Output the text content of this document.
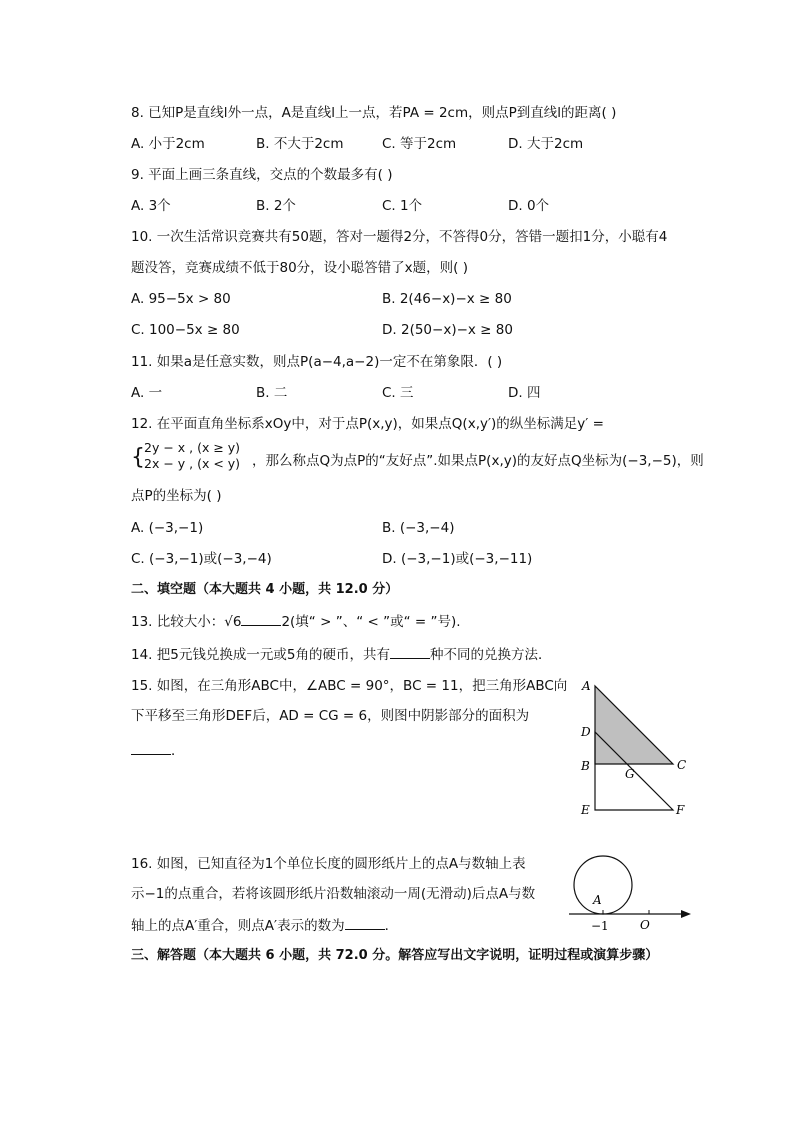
8. 已知P是直线l外一点，A是直线l上一点，若PA = 2cm，则点P到直线l的距离( )
A. 小于2cm	B. 不大于2cm	C. 等于2cm	D. 大于2cm
9. 平面上画三条直线，交点的个数最多有( )
A. 3个	B. 2个	C. 1个	D. 0个
10. 一次生活常识竞赛共有50题，答对一题得2分，不答得0分，答错一题扣1分，小聪有4
题没答，竞赛成绩不低于80分，设小聪答错了x题，则( )
A. 95−5x > 80	B. 2(46−x)−x ≥ 80
C. 100−5x ≥ 80	D. 2(50−x)−x ≥ 80
11. 如果a是任意实数，则点P(a−4,a−2)一定不在第象限．( )
A. 一	B. 二	C. 三	D. 四
12. 在平面直角坐标系xOy中，对于点P(x,y)，如果点Q(x,y′)的纵坐标满足y′ =
{ 2y − x , (x ≥ y)
2x − y , (x < y) ，那么称点Q为点P的“友好点”.如果点P(x,y)的友好点Q坐标为(−3,−5)，则
点P的坐标为( )
A. (−3,−1)	B. (−3,−4)
C. (−3,−1)或(−3,−4)	D. (−3,−1)或(−3,−11)
二、填空题（本大题共 4 小题，共 12.0 分）
13. 比较大小：√6	2(填“ > ”、“ < ”或“ = ”号).
14. 把5元钱兑换成一元或5角的硬币，共有	种不同的兑换方法．
15. 如图，在三角形ABC中，∠ABC = 90°，BC = 11，把三角形ABC向
下平移至三角形DEF后，AD = CG = 6，则图中阴影部分的面积为
．
A
D
B
G
C
E	F
16. 如图，已知直径为1个单位长度的圆形纸片上的点A与数轴上表
示−1的点重合，若将该圆形纸片沿数轴滚动一周(无滑动)后点A与数
轴上的点A′重合，则点A′表示的数为	．
A
−1	O
三、解答题（本大题共 6 小题，共 72.0 分。解答应写出文字说明，证明过程或演算步骤）
